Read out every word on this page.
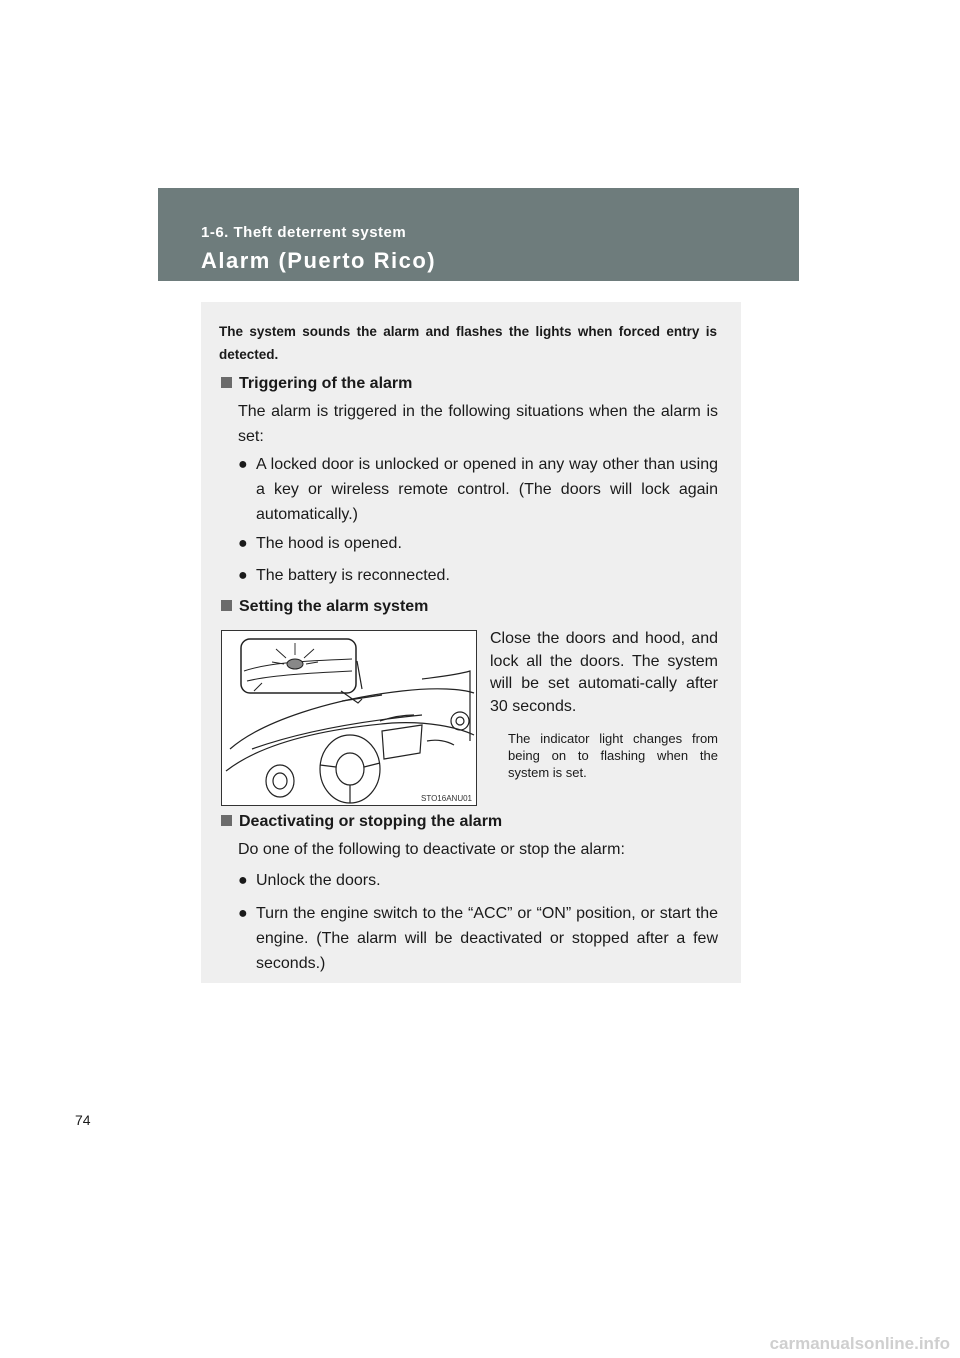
1-6. Theft deterrent system
Alarm (Puerto Rico)
The system sounds the alarm and flashes the lights when forced entry is detected.
Triggering of the alarm
The alarm is triggered in the following situations when the alarm is set:
● A locked door is unlocked or opened in any way other than using a key or wireless remote control. (The doors will lock again automatically.)
● The hood is opened.
● The battery is reconnected.
Setting the alarm system
STO16ANU01
Close the doors and hood, and lock all the doors. The system will be set automati-cally after 30 seconds.
The indicator light changes from being on to flashing when the system is set.
Deactivating or stopping the alarm
Do one of the following to deactivate or stop the alarm:
● Unlock the doors.
● Turn the engine switch to the “ACC” or “ON” position, or start the engine. (The alarm will be deactivated or stopped after a few seconds.)
74
carmanualsonline.info
